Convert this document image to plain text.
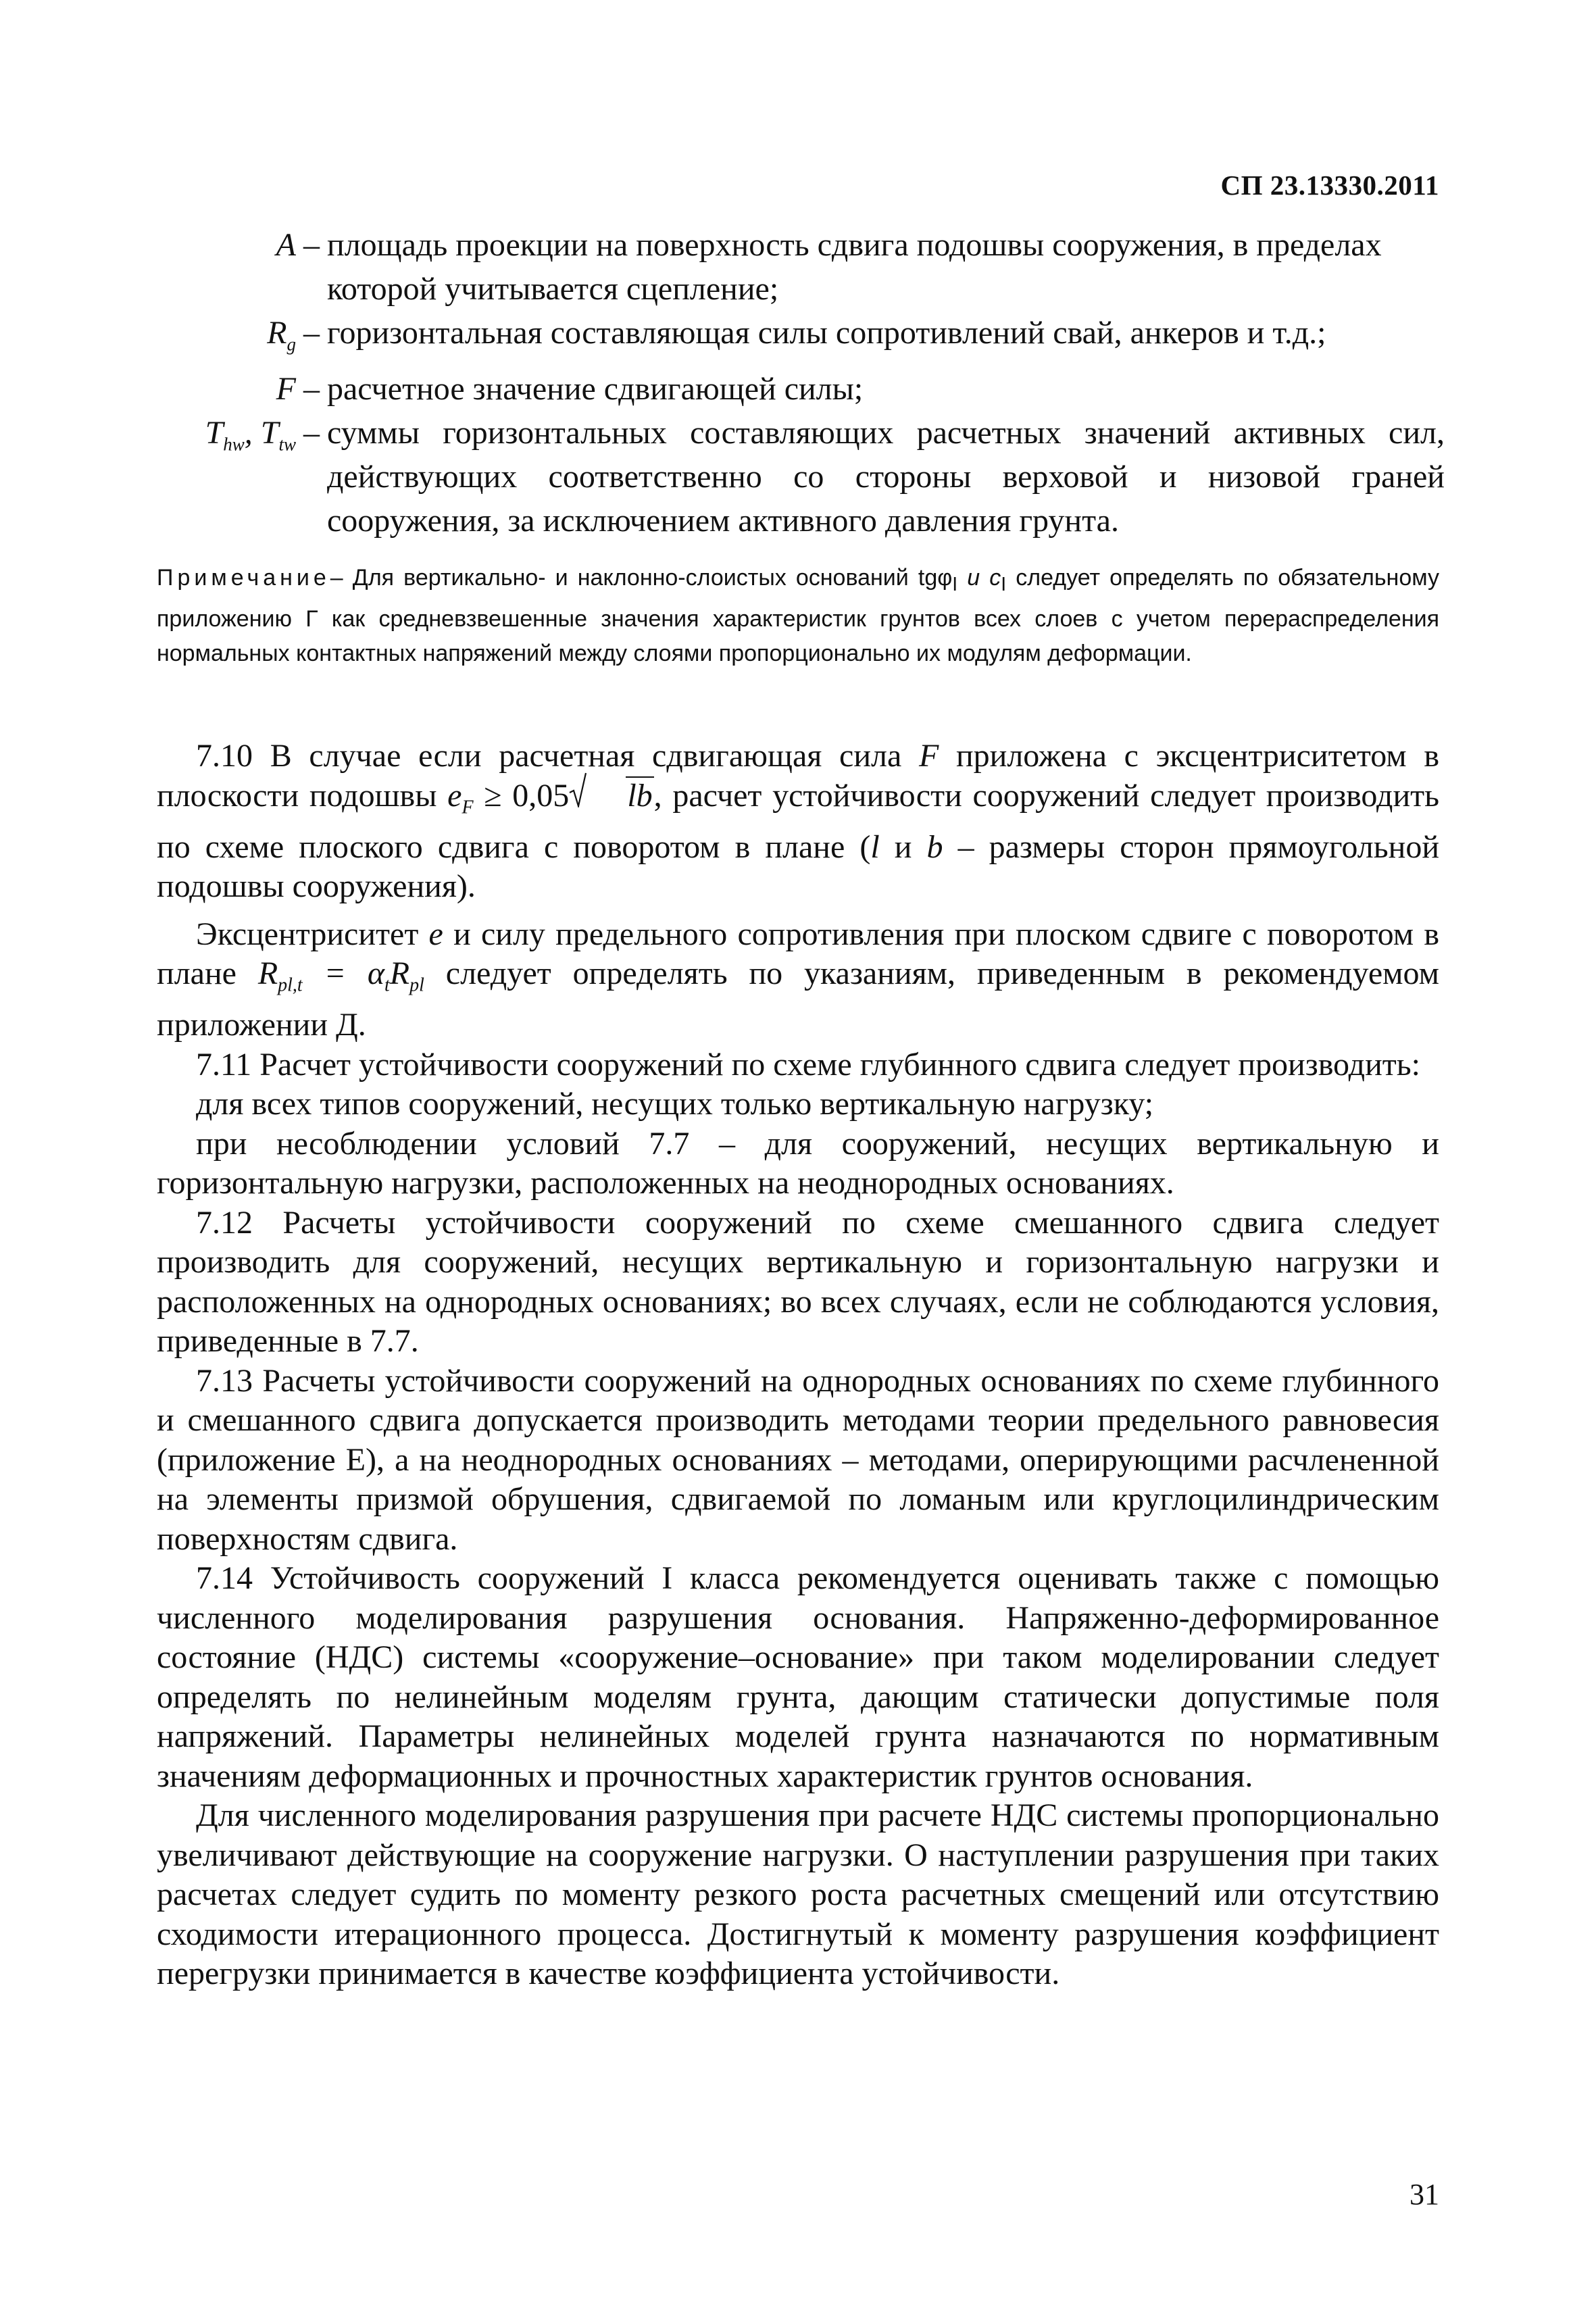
СП 23.13330.2011
A – площадь проекции на поверхность сдвига подошвы сооружения, в пределах которой учитывается сцепление;
$R_g$ – горизонтальная составляющая силы сопротивлений свай, анкеров и т.д.;
F – расчетное значение сдвигающей силы;
$T_{hw}$, $T_{tw}$ – суммы горизонтальных составляющих расчетных значений активных сил, действующих соответственно со стороны верховой и низовой граней сооружения, за исключением активного давления грунта.
Примечание– Для вертикально- и наклонно-слоистых оснований tgφ$_I$ и $c_I$ следует определять по обязательному приложению Г как средневзвешенные значения характеристик грунтов всех слоев с учетом перераспределения нормальных контактных напряжений между слоями пропорционально их модулям деформации.

7.10 В случае если расчетная сдвигающая сила F приложена с эксцентриситетом в плоскости подошвы $e_F \ge 0,05$ lb, расчет устойчивости сооружений следует производить по схеме плоского сдвига с поворотом в плане (l и b – размеры сторон прямоугольной подошвы сооружения).

Эксцентриситет e и силу предельного сопротивления при плоском сдвиге с поворотом в плане $R_{pl,t} = \alpha_tR_{pl}$ следует определять по указаниям, приведенным в рекомендуемом приложении Д.

7.11 Расчет устойчивости сооружений по схеме глубинного сдвига следует производить:

для всех типов сооружений, несущих только вертикальную нагрузку;

при несоблюдении условий 7.7 – для сооружений, несущих вертикальную и горизонтальную нагрузки, расположенных на неоднородных основаниях.

7.12 Расчеты устойчивости сооружений по схеме смешанного сдвига следует производить для сооружений, несущих вертикальную и горизонтальную нагрузки и расположенных на однородных основаниях; во всех случаях, если не соблюдаются условия, приведенные в 7.7.

7.13 Расчеты устойчивости сооружений на однородных основаниях по схеме глубинного и смешанного сдвига допускается производить методами теории предельного равновесия (приложение Е), а на неоднородных основаниях – методами, оперирующими расчлененной на элементы призмой обрушения, сдвигаемой по ломаным или круглоцилиндрическим поверхностям сдвига.

7.14 Устойчивость сооружений I класса рекомендуется оценивать также с помощью численного моделирования разрушения основания. Напряженно-деформированное состояние (НДС) системы «сооружение–основание» при таком моделировании следует определять по нелинейным моделям грунта, дающим статически допустимые поля напряжений. Параметры нелинейных моделей грунта назначаются по нормативным значениям деформационных и прочностных характеристик грунтов основания.

Для численного моделирования разрушения при расчете НДС системы пропорционально увеличивают действующие на сооружение нагрузки. О наступлении разрушения при таких расчетах следует судить по моменту резкого роста расчетных смещений или отсутствию сходимости итерационного процесса. Достигнутый к моменту разрушения коэффициент перегрузки принимается в качестве коэффициента устойчивости.

31
